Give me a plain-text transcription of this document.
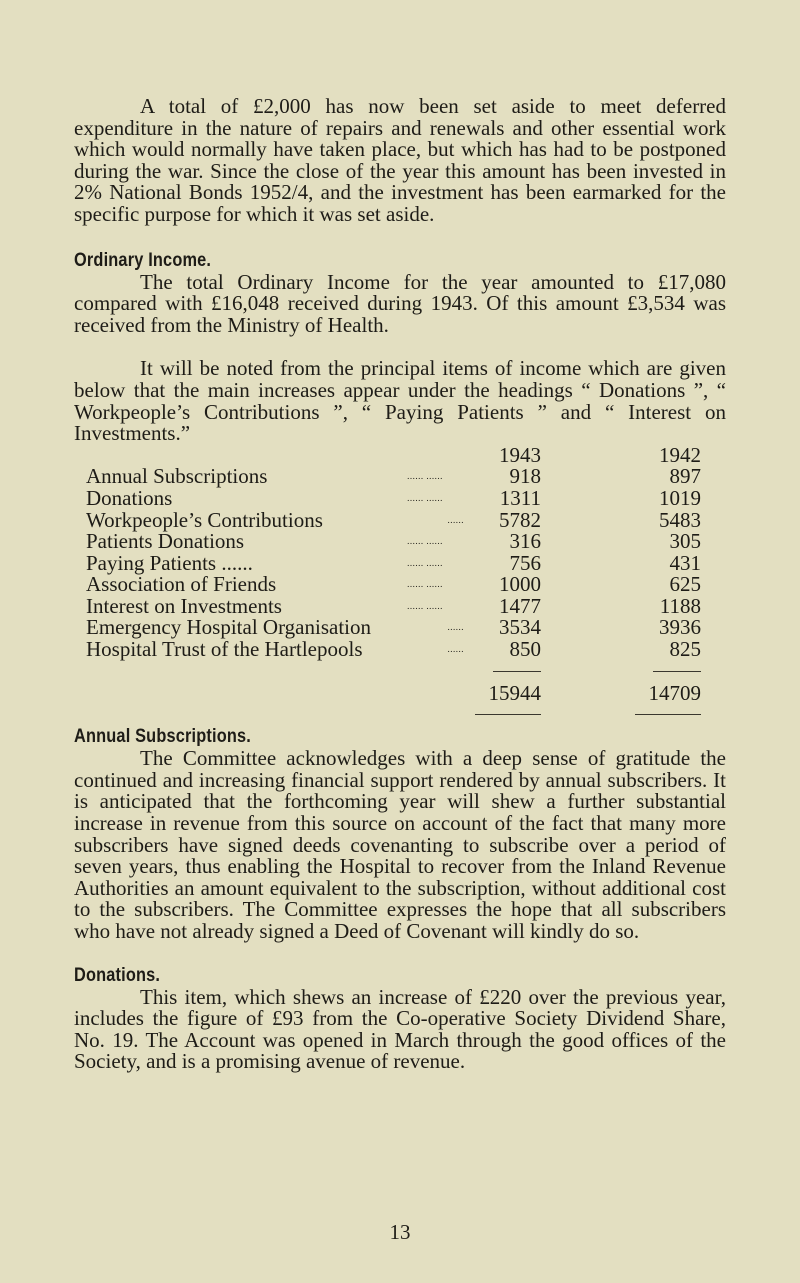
A total of £2,000 has now been set aside to meet deferred expenditure in the nature of repairs and renewals and other essential work which would normally have taken place, but which has had to be postponed during the war. Since the close of the year this amount has been invested in 2% National Bonds 1952/4, and the investment has been earmarked for the specific purpose for which it was set aside.

Ordinary Income.

The total Ordinary Income for the year amounted to £17,080 compared with £16,048 received during 1943. Of this amount £3,534 was received from the Ministry of Health.

It will be noted from the principal items of income which are given below that the main increases appear under the headings “ Donations ”, “ Workpeople’s Contributions ”, “ Paying Patients ” and “ Interest on Investments.”

		1943		1942
Annual Subscriptions	...... ......	918		897
Donations	...... ......	1311		1019
Workpeople’s Contributions	......	5782		5483
Patients Donations	...... ......	316		305
Paying Patients ......	...... ......	756		431
Association of Friends	...... ......	1000		625
Interest on Investments	...... ......	1477		1188
Emergency Hospital Organisation	......	3534		3936
Hospital Trust of the Hartlepools	......	850		825

		15944		14709

Annual Subscriptions.

The Committee acknowledges with a deep sense of gratitude the continued and increasing financial support rendered by annual subscribers. It is anticipated that the forthcoming year will shew a further substantial increase in revenue from this source on account of the fact that many more subscribers have signed deeds covenanting to subscribe over a period of seven years, thus enabling the Hospital to recover from the Inland Revenue Authorities an amount equivalent to the subscription, without additional cost to the subscribers. The Committee expresses the hope that all subscribers who have not already signed a Deed of Covenant will kindly do so.

Donations.

This item, which shews an increase of £220 over the previous year, includes the figure of £93 from the Co-operative Society Dividend Share, No. 19. The Account was opened in March through the good offices of the Society, and is a promising avenue of revenue.

13
